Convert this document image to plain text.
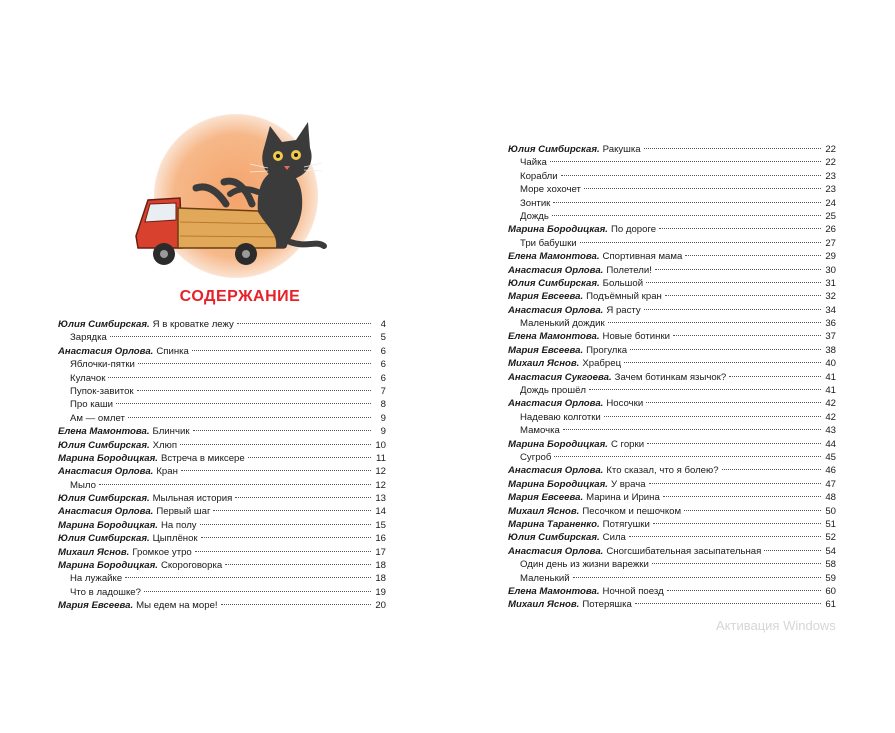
СОДЕРЖАНИЕ
Юлия Симбирская. Я в кроватке лежу	4
Зарядка	5
Анастасия Орлова. Спинка	6
Яблочки-пятки	6
Кулачок	6
Пупок-завиток	7
Про каши	8
Ам — омлет	9
Елена Мамонтова. Блинчик	9
Юлия Симбирская. Хлюп	10
Марина Бородицкая. Встреча в миксере	11
Анастасия Орлова. Кран	12
Мыло	12
Юлия Симбирская. Мыльная история	13
Анастасия Орлова. Первый шаг	14
Марина Бородицкая. На полу	15
Юлия Симбирская. Цыплёнок	16
Михаил Яснов. Громкое утро	17
Марина Бородицкая. Скороговорка	18
На лужайке	18
Что в ладошке?	19
Мария Евсеева. Мы едем на море!	20
Юлия Симбирская. Ракушка	22
Чайка	22
Корабли	23
Море хохочет	23
Зонтик	24
Дождь	25
Марина Бородицкая. По дороге	26
Три бабушки	27
Елена Мамонтова. Спортивная мама	29
Анастасия Орлова. Полетели!	30
Юлия Симбирская. Большой	31
Мария Евсеева. Подъёмный кран	32
Анастасия Орлова. Я расту	34
Маленький дождик	36
Елена Мамонтова. Новые ботинки	37
Мария Евсеева. Прогулка	38
Михаил Яснов. Храбрец	40
Анастасия Сукгоева. Зачем ботинкам язычок?	41
Дождь прошёл	41
Анастасия Орлова. Носочки	42
Надеваю колготки	42
Мамочка	43
Марина Бородицкая. С горки	44
Сугроб	45
Анастасия Орлова. Кто сказал, что я болею?	46
Марина Бородицкая. У врача	47
Мария Евсеева. Марина и Ирина	48
Михаил Яснов. Песочком и пешочком	50
Марина Тараненко. Потягушки	51
Юлия Симбирская. Сила	52
Анастасия Орлова. Сногсшибательная засыпательная	54
Один день из жизни варежки	58
Маленький	59
Елена Мамонтова. Ночной поезд	60
Михаил Яснов. Потеряшка	61
Активация Windows
